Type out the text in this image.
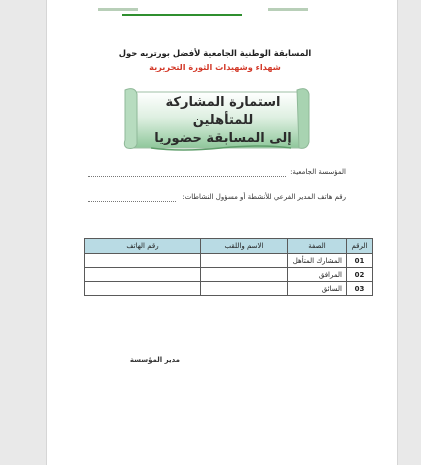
المسابقة الوطنية الجامعية لأفضل بورتريه حول
شهداء وشهيدات الثورة التحريرية
استمارة المشاركة للمتأهلين
إلى المسابقة حضوريا
المؤسسة الجامعية:
رقم هاتف المدير الفرعي للأنشطة أو مسؤول النشاطات:
الرقم	الصفة	الاسم واللقب	رقم الهاتف
01	المشارك المتأهل		
02	المرافق		
03	السائق		
مدير المؤسسة
